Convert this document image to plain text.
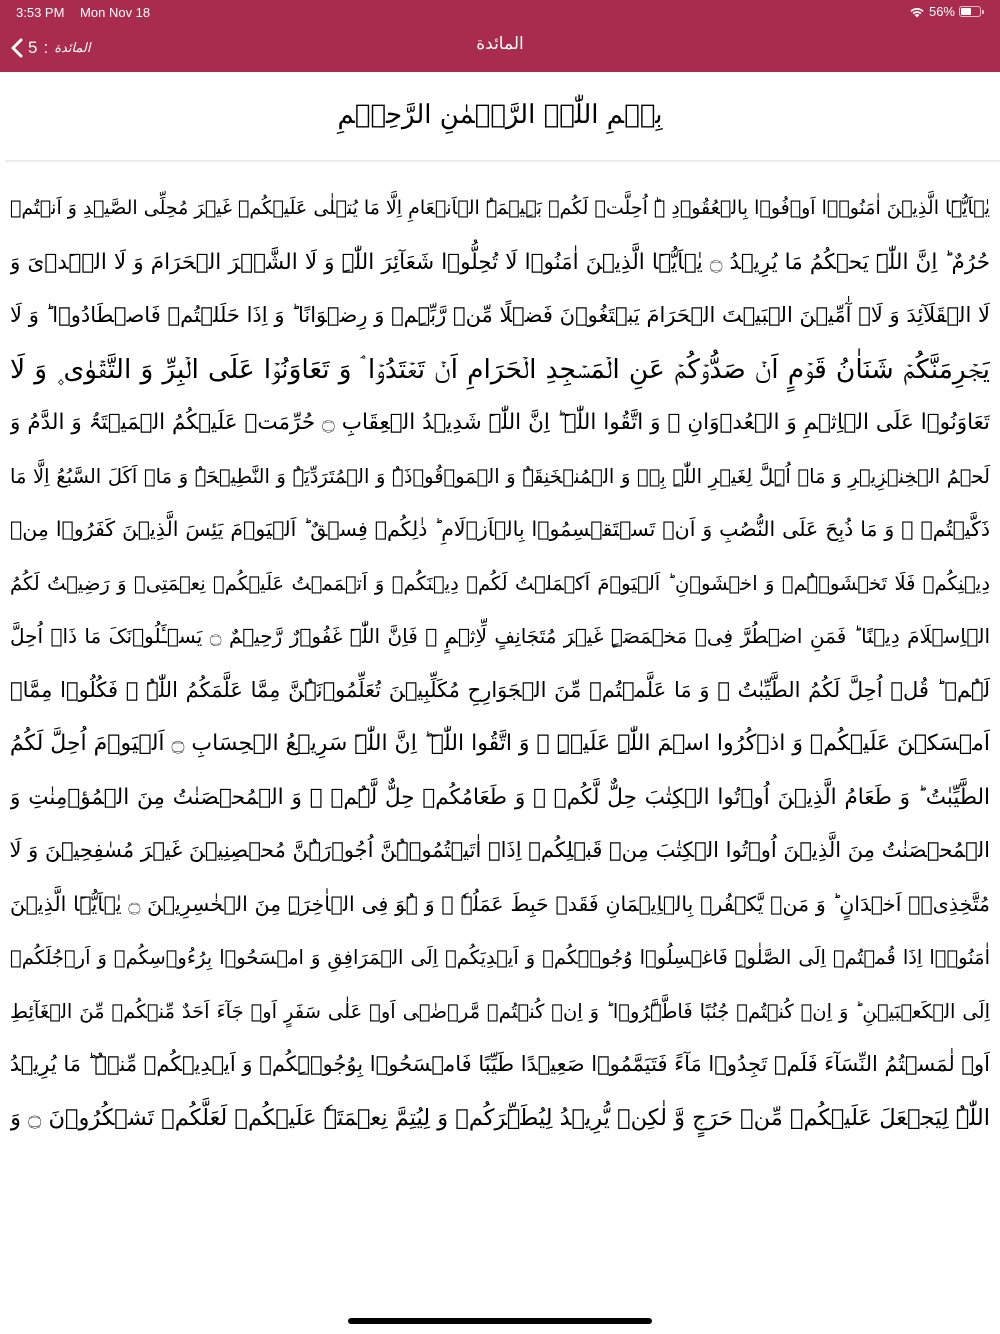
3:53 PM Mon Nov 18	56%
5 : المائدة	المائدة
بِسۡمِ اللّٰہِ الرَّحۡمٰنِ الرَّحِیۡمِ
یٰۤاَیُّہَا الَّذِیۡنَ اٰمَنُوۡۤا اَوۡفُوۡا بِالۡعُقُوۡدِ ۬ؕ اُحِلَّتۡ لَکُمۡ بَہِیۡمَۃُ الۡاَنۡعَامِ اِلَّا مَا یُتۡلٰی عَلَیۡکُمۡ غَیۡرَ مُحِلِّی الصَّیۡدِ وَ اَنۡتُمۡ
حُرُمٌ ؕ اِنَّ اللّٰہَ یَحۡکُمُ مَا یُرِیۡدُ ۝ یٰۤاَیُّہَا الَّذِیۡنَ اٰمَنُوۡا لَا تُحِلُّوۡا شَعَآئِرَ اللّٰہِ وَ لَا الشَّہۡرَ الۡحَرَامَ وَ لَا الۡہَدۡیَ وَ
لَا الۡقَلَآئِدَ وَ لَاۤ آٰمِّیۡنَ الۡبَیۡتَ الۡحَرَامَ یَبۡتَغُوۡنَ فَضۡلًا مِّنۡ رَّبِّہِمۡ وَ رِضۡوَانًا ؕ وَ اِذَا حَلَلۡتُمۡ فَاصۡطَادُوۡا ؕ وَ لَا
یَجۡرِمَنَّکُمۡ شَنَاٰنُ قَوۡمٍ اَنۡ صَدُّوۡکُمۡ عَنِ الۡمَسۡجِدِ الۡحَرَامِ اَنۡ تَعۡتَدُوۡا ۘ وَ تَعَاوَنُوۡا عَلَی الۡبِرِّ وَ التَّقۡوٰی ۪ وَ لَا
تَعَاوَنُوۡا عَلَی الۡاِثۡمِ وَ الۡعُدۡوَانِ ۪ وَ اتَّقُوا اللّٰہَ ؕ اِنَّ اللّٰہَ شَدِیۡدُ الۡعِقَابِ ۝ حُرِّمَتۡ عَلَیۡکُمُ الۡمَیۡتَۃُ وَ الدَّمُ وَ
لَحۡمُ الۡخِنۡزِیۡرِ وَ مَاۤ اُہِلَّ لِغَیۡرِ اللّٰہِ بِہٖ وَ الۡمُنۡخَنِقَۃُ وَ الۡمَوۡقُوۡذَۃُ وَ الۡمُتَرَدِّیَۃُ وَ النَّطِیۡحَۃُ وَ مَاۤ اَکَلَ السَّبُعُ اِلَّا مَا
ذَکَّیۡتُمۡ ۟ وَ مَا ذُبِحَ عَلَی النُّصُبِ وَ اَنۡ تَسۡتَقۡسِمُوۡا بِالۡاَزۡلَامِ ؕ ذٰلِکُمۡ فِسۡقٌ ؕ اَلۡیَوۡمَ یَئِسَ الَّذِیۡنَ کَفَرُوۡا مِنۡ
دِیۡنِکُمۡ فَلَا تَخۡشَوۡہُمۡ وَ اخۡشَوۡنِ ؕ اَلۡیَوۡمَ اَکۡمَلۡتُ لَکُمۡ دِیۡنَکُمۡ وَ اَتۡمَمۡتُ عَلَیۡکُمۡ نِعۡمَتِیۡ وَ رَضِیۡتُ لَکُمُ
الۡاِسۡلَامَ دِیۡنًا ؕ فَمَنِ اضۡطُرَّ فِیۡ مَخۡمَصَۃٍ غَیۡرَ مُتَجَانِفٍ لِّاِثۡمٍ ۙ فَاِنَّ اللّٰہَ غَفُوۡرٌ رَّحِیۡمٌ ۝ یَسۡـَٔلُوۡنَکَ مَا ذَاۤ اُحِلَّ
لَہُمۡ ؕ قُلۡ اُحِلَّ لَکُمُ الطَّیِّبٰتُ ۙ وَ مَا عَلَّمۡتُمۡ مِّنَ الۡجَوَارِحِ مُکَلِّبِیۡنَ تُعَلِّمُوۡنَہُنَّ مِمَّا عَلَّمَکُمُ اللّٰہُ ۫ فَکُلُوۡا مِمَّاۤ
اَمۡسَکۡنَ عَلَیۡکُمۡ وَ اذۡکُرُوا اسۡمَ اللّٰہِ عَلَیۡہِ ۪ وَ اتَّقُوا اللّٰہَ ؕ اِنَّ اللّٰہَ سَرِیۡعُ الۡحِسَابِ ۝ اَلۡیَوۡمَ اُحِلَّ لَکُمُ
الطَّیِّبٰتُ ؕ وَ طَعَامُ الَّذِیۡنَ اُوۡتُوا الۡکِتٰبَ حِلٌّ لَّکُمۡ ۪ وَ طَعَامُکُمۡ حِلٌّ لَّہُمۡ ۫ وَ الۡمُحۡصَنٰتُ مِنَ الۡمُؤۡمِنٰتِ وَ
الۡمُحۡصَنٰتُ مِنَ الَّذِیۡنَ اُوۡتُوا الۡکِتٰبَ مِنۡ قَبۡلِکُمۡ اِذَاۤ اٰتَیۡتُمُوۡہُنَّ اُجُوۡرَہُنَّ مُحۡصِنِیۡنَ غَیۡرَ مُسٰفِحِیۡنَ وَ لَا
مُتَّخِذِیۡۤ اَخۡدَانٍ ؕ وَ مَنۡ یَّکۡفُرۡ بِالۡاِیۡمَانِ فَقَدۡ حَبِطَ عَمَلُہٗ ۫ وَ ہُوَ فِی الۡاٰخِرَۃِ مِنَ الۡخٰسِرِیۡنَ ۝ یٰۤاَیُّہَا الَّذِیۡنَ
اٰمَنُوۡۤا اِذَا قُمۡتُمۡ اِلَی الصَّلٰوۃِ فَاغۡسِلُوۡا وُجُوۡہَکُمۡ وَ اَیۡدِیَکُمۡ اِلَی الۡمَرَافِقِ وَ امۡسَحُوۡا بِرُءُوۡسِکُمۡ وَ اَرۡجُلَکُمۡ
اِلَی الۡکَعۡبَیۡنِ ؕ وَ اِنۡ کُنۡتُمۡ جُنُبًا فَاطَّہَّرُوۡا ؕ وَ اِنۡ کُنۡتُمۡ مَّرۡضٰۤی اَوۡ عَلٰی سَفَرٍ اَوۡ جَآءَ اَحَدٌ مِّنۡکُمۡ مِّنَ الۡغَآئِطِ
اَوۡ لٰمَسۡتُمُ النِّسَآءَ فَلَمۡ تَجِدُوۡا مَآءً فَتَیَمَّمُوۡا صَعِیۡدًا طَیِّبًا فَامۡسَحُوۡا بِوُجُوۡہِکُمۡ وَ اَیۡدِیۡکُمۡ مِّنۡہُ ؕ مَا یُرِیۡدُ
اللّٰہُ لِیَجۡعَلَ عَلَیۡکُمۡ مِّنۡ حَرَجٍ وَّ لٰکِنۡ یُّرِیۡدُ لِیُطَہِّرَکُمۡ وَ لِیُتِمَّ نِعۡمَتَہٗ عَلَیۡکُمۡ لَعَلَّکُمۡ تَشۡکُرُوۡنَ ۝ وَ
